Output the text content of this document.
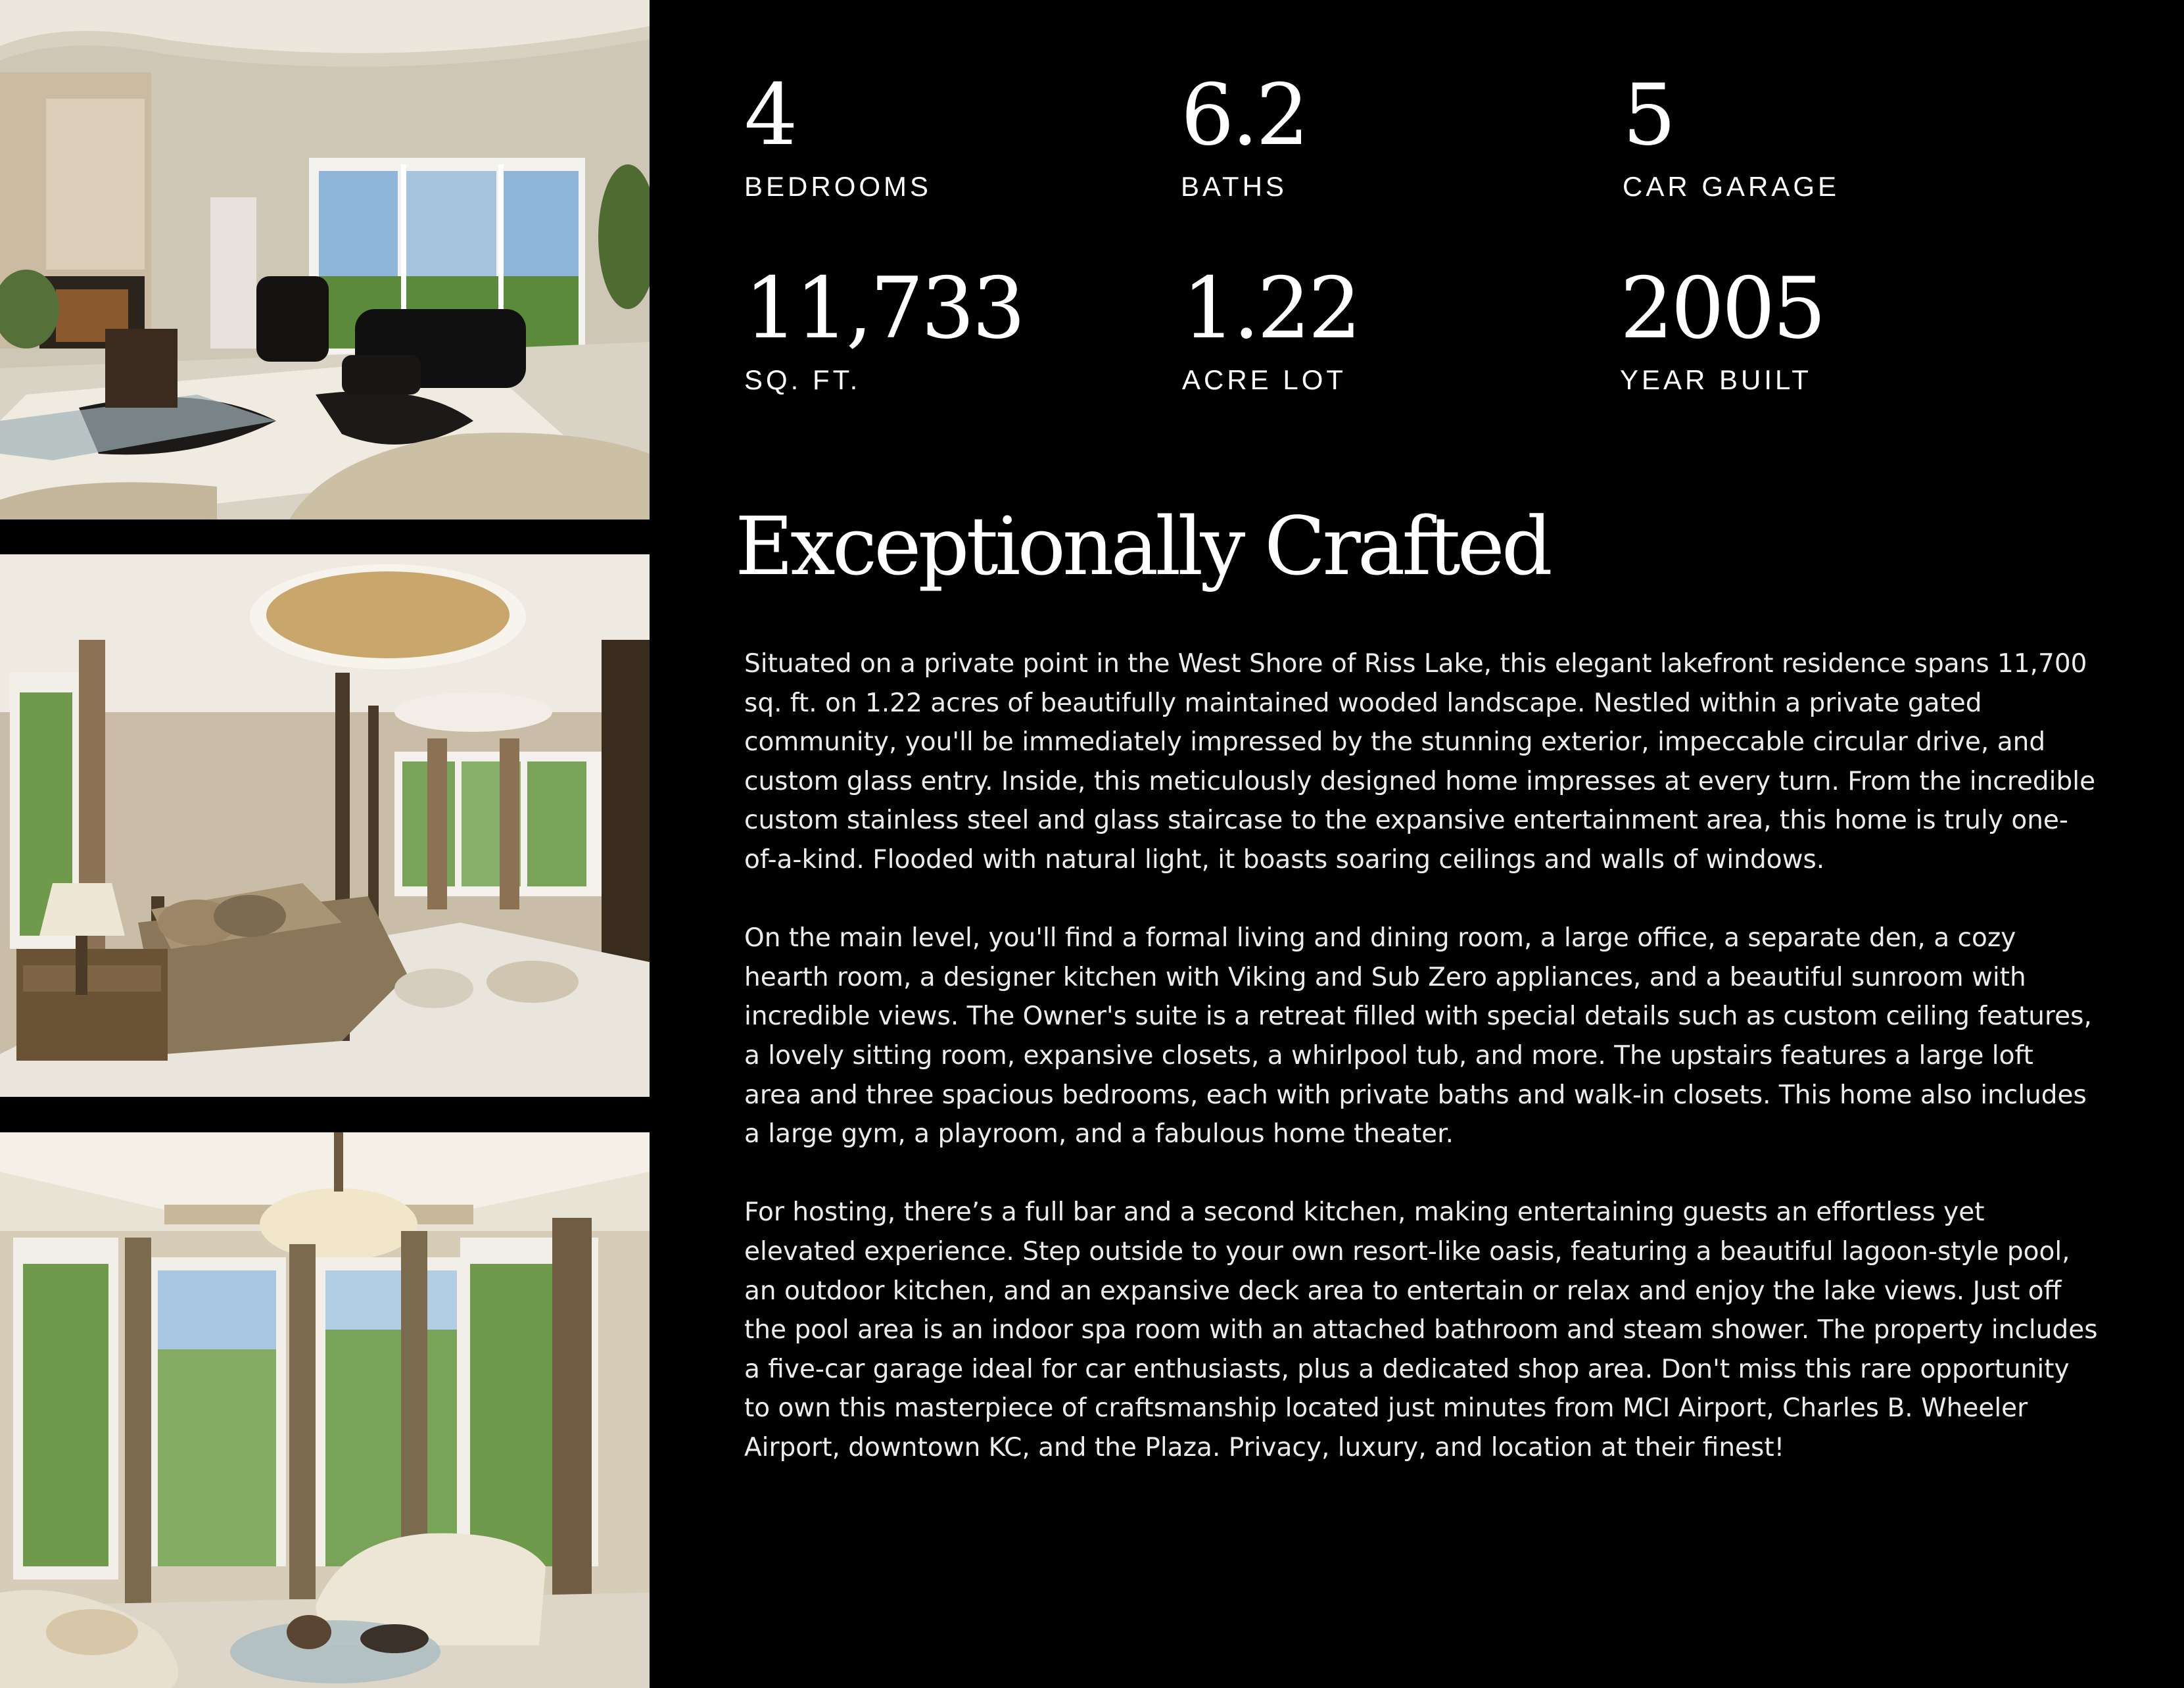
4
BEDROOMS
6.2
BATHS
5
CAR GARAGE
11,733
SQ. FT.
1.22
ACRE LOT
2005
YEAR BUILT
Exceptionally Crafted

Situated on a private point in the West Shore of Riss Lake, this elegant lakefront residence spans 11,700 sq. ft. on 1.22 acres of beautifully maintained wooded landscape. Nestled within a private gated community, you'll be immediately impressed by the stunning exterior, impeccable circular drive, and custom glass entry. Inside, this meticulously designed home impresses at every turn. From the incredible custom stainless steel and glass staircase to the expansive entertainment area, this home is truly one-of-a-kind. Flooded with natural light, it boasts soaring ceilings and walls of windows.

On the main level, you'll find a formal living and dining room, a large office, a separate den, a cozy hearth room, a designer kitchen with Viking and Sub Zero appliances, and a beautiful sunroom with incredible views. The Owner's suite is a retreat filled with special details such as custom ceiling features, a lovely sitting room, expansive closets, a whirlpool tub, and more. The upstairs features a large loft area and three spacious bedrooms, each with private baths and walk-in closets. This home also includes a large gym, a playroom, and a fabulous home theater.

For hosting, there’s a full bar and a second kitchen, making entertaining guests an effortless yet elevated experience. Step outside to your own resort-like oasis, featuring a beautiful lagoon-style pool, an outdoor kitchen, and an expansive deck area to entertain or relax and enjoy the lake views. Just off the pool area is an indoor spa room with an attached bathroom and steam shower. The property includes a five-car garage ideal for car enthusiasts, plus a dedicated shop area. Don't miss this rare opportunity to own this masterpiece of craftsmanship located just minutes from MCI Airport, Charles B. Wheeler Airport, downtown KC, and the Plaza. Privacy, luxury, and location at their finest!
